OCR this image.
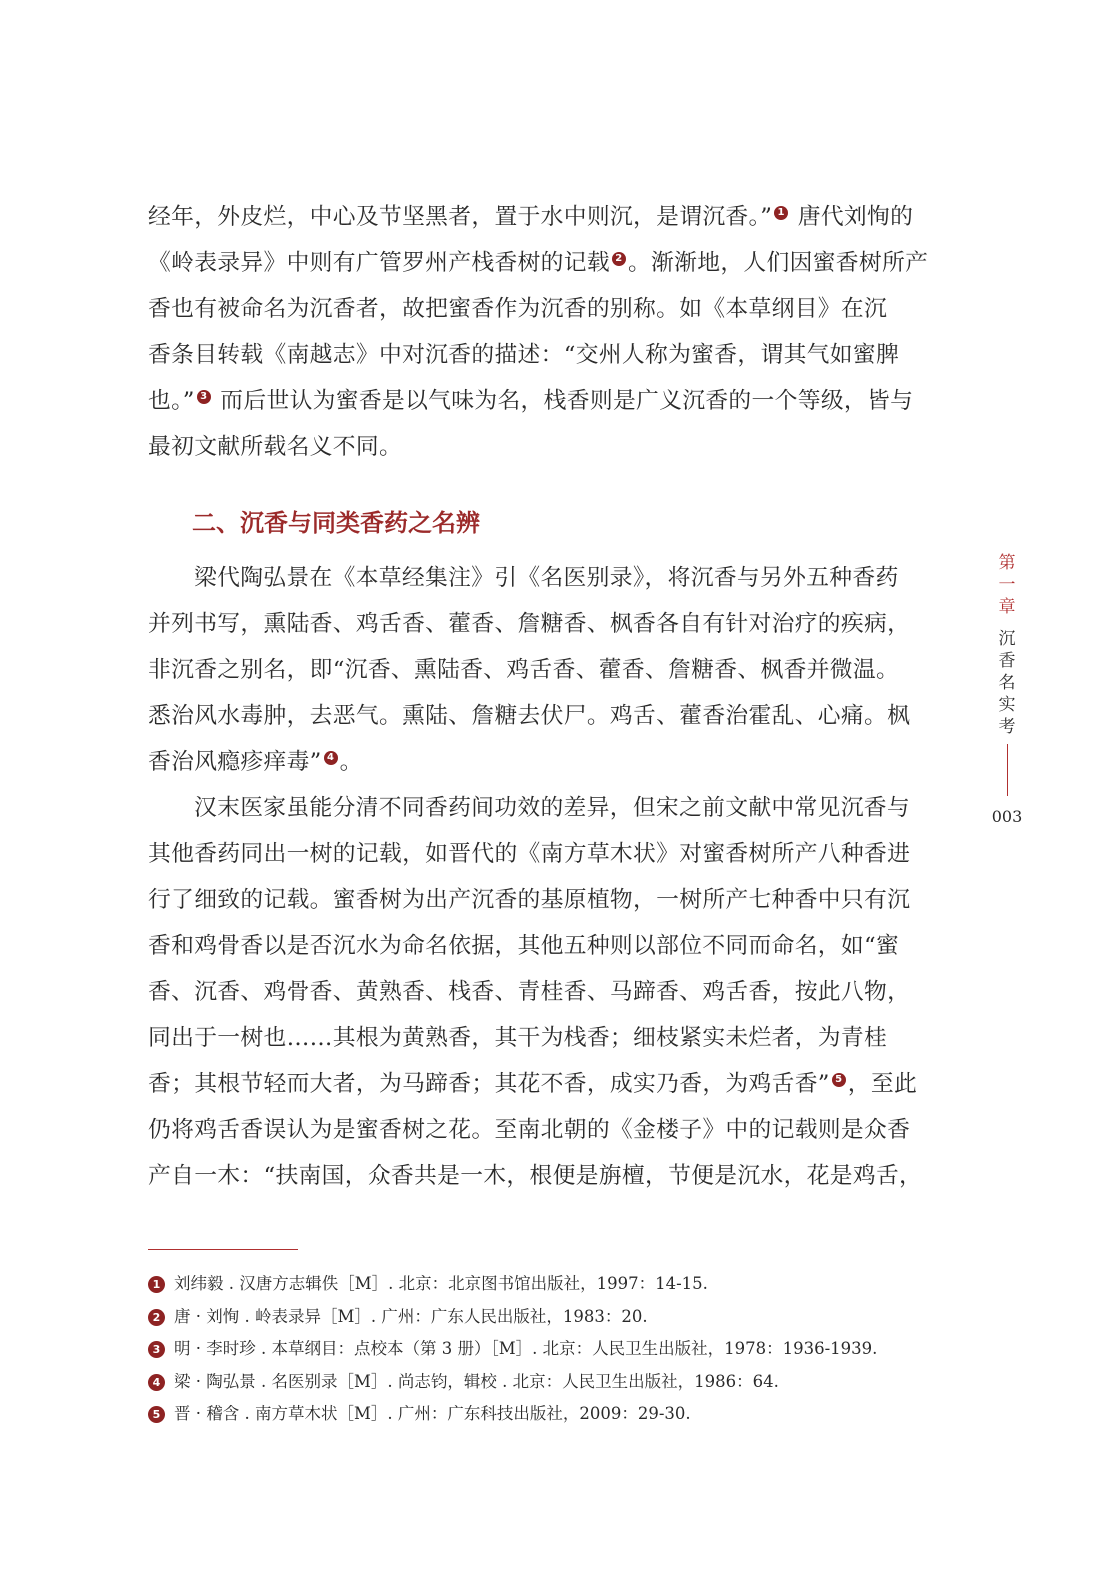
经年，外皮烂，中心及节坚黑者，置于水中则沉，是谓沉香。” 1 唐代刘恂的

《岭表录异》中则有广管罗州产栈香树的记载 2 。渐渐地，人们因蜜香树所产

香也有被命名为沉香者，故把蜜香作为沉香的别称。如《本草纲目》在沉

香条目转载《南越志》中对沉香的描述：“交州人称为蜜香，谓其气如蜜脾

也。” 3 而后世认为蜜香是以气味为名，栈香则是广义沉香的一个等级，皆与

最初文献所载名义不同。

二、沉香与同类香药之名辨

梁代陶弘景在《本草经集注》引《名医别录》，将沉香与另外五种香药

并列书写，熏陆香、鸡舌香、藿香、詹糖香、枫香各自有针对治疗的疾病，

非沉香之别名，即“沉香、熏陆香、鸡舌香、藿香、詹糖香、枫香并微温。

悉治风水毒肿，去恶气。熏陆、詹糖去伏尸。鸡舌、藿香治霍乱、心痛。枫

香治风瘾疹痒毒” 4 。

汉末医家虽能分清不同香药间功效的差异，但宋之前文献中常见沉香与

其他香药同出一树的记载，如晋代的《南方草木状》对蜜香树所产八种香进

行了细致的记载。蜜香树为出产沉香的基原植物，一树所产七种香中只有沉

香和鸡骨香以是否沉水为命名依据，其他五种则以部位不同而命名，如“蜜

香、沉香、鸡骨香、黄熟香、栈香、青桂香、马蹄香、鸡舌香，按此八物，

同出于一树也……其根为黄熟香，其干为栈香；细枝紧实未烂者，为青桂

香；其根节轻而大者，为马蹄香；其花不香，成实乃香，为鸡舌香” 5 ，至此

仍将鸡舌香误认为是蜜香树之花。至南北朝的《金楼子》中的记载则是众香

产自一木：“扶南国，众香共是一木，根便是旃檀，节便是沉水，花是鸡舌，

第
一
章
沉
香
名
实
考
003
1 刘纬毅 . 汉唐方志辑佚［M］. 北京：北京图书馆出版社，1997：14-15.
2 唐 · 刘恂 . 岭表录异［M］. 广州：广东人民出版社，1983：20.
3 明 · 李时珍 . 本草纲目：点校本（第 3 册）［M］. 北京：人民卫生出版社，1978：1936-1939.
4 梁 · 陶弘景 . 名医别录［M］. 尚志钧，辑校 . 北京：人民卫生出版社，1986：64.
5 晋 · 稽含 . 南方草木状［M］. 广州：广东科技出版社，2009：29-30.
